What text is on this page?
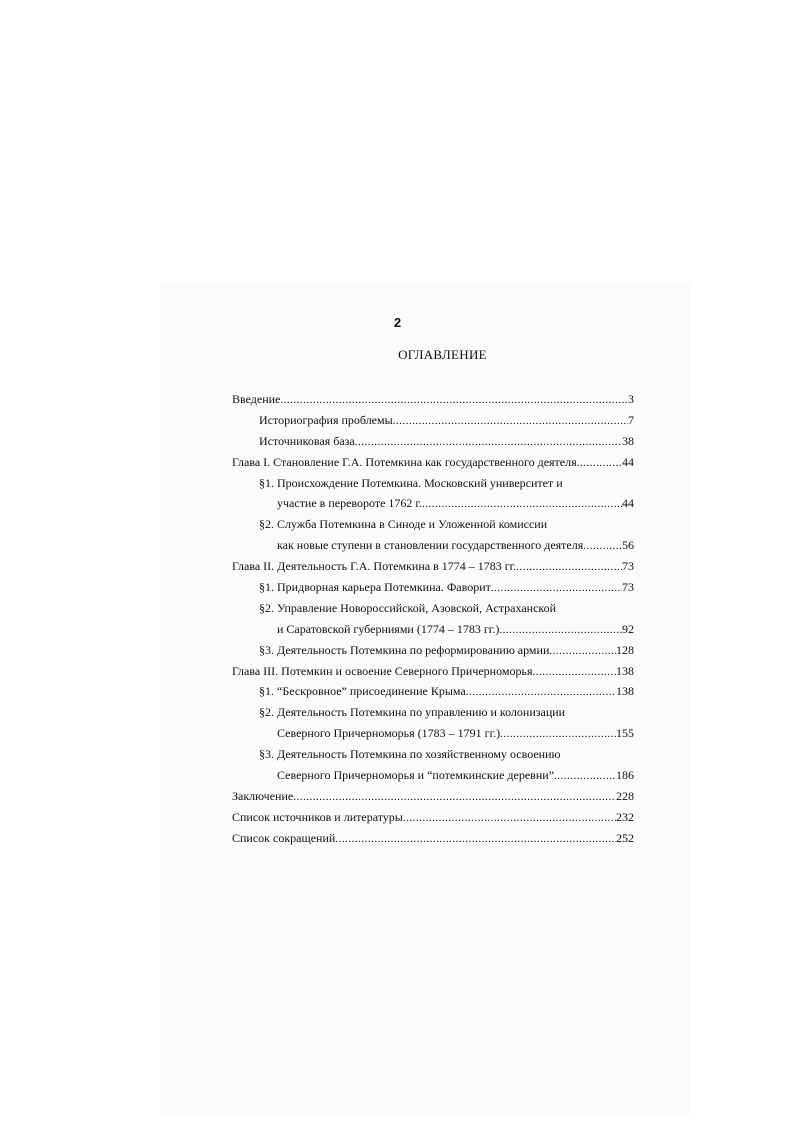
2
ОГЛАВЛЕНИЕ
Введение .....	3
Историография проблемы .....	7
Источниковая база .....	38
Глава I. Становление Г.А. Потемкина как государственного деятеля .....	44
§1. Происхождение Потемкина. Московский университет и
участие в перевороте 1762 г. .....	44
§2. Служба Потемкина в Синоде и Уложенной комиссии
как новые ступени в становлении государственного деятеля .....	56
Глава II. Деятельность Г.А. Потемкина в 1774 – 1783 гг. .....	73
§1. Придворная карьера Потемкина. Фаворит .....	73
§2. Управление Новороссийской, Азовской, Астраханской
и Саратовской губерниями (1774 – 1783 гг.) .....	92
§3. Деятельность Потемкина по реформированию армии .....	128
Глава III. Потемкин и освоение Северного Причерноморья .....	138
§1. “Бескровное” присоединение Крыма .....	138
§2. Деятельность Потемкина по управлению и колонизации
Северного Причерноморья (1783 – 1791 гг.) .....	155
§3. Деятельность Потемкина по хозяйственному освоению
Северного Причерноморья и “потемкинские деревни” .....	186
Заключение .....	228
Список источников и литературы .....	232
Список сокращений .....	252
